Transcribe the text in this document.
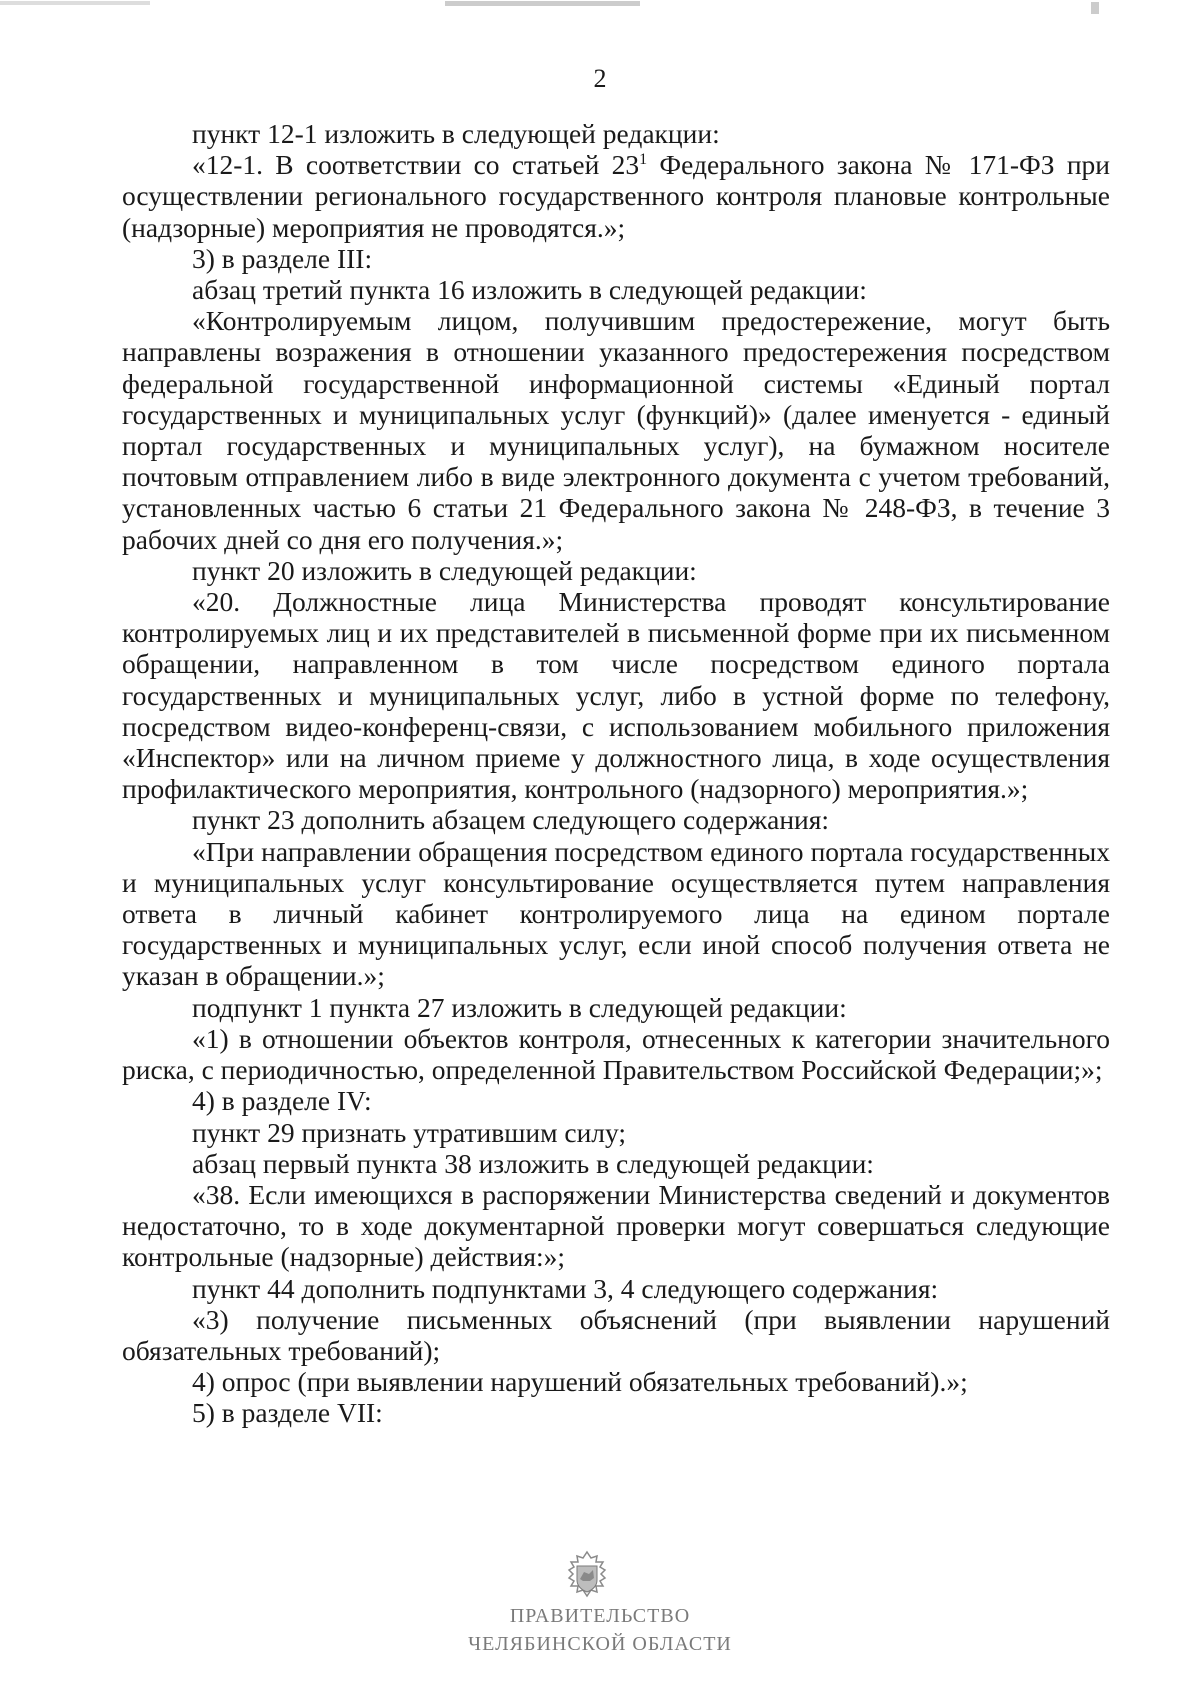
2

пункт 12-1 изложить в следующей редакции:

«12-1. В соответствии со статьей $23^1$ Федерального закона № 171-ФЗ при осуществлении регионального государственного контроля плановые контрольные (надзорные) мероприятия не проводятся.»;

3) в разделе III:

абзац третий пункта 16 изложить в следующей редакции:

«Контролируемым лицом, получившим предостережение, могут быть направлены возражения в отношении указанного предостережения посредством федеральной государственной информационной системы «Единый портал государственных и муниципальных услуг (функций)» (далее именуется - единый портал государственных и муниципальных услуг), на бумажном носителе почтовым отправлением либо в виде электронного документа с учетом требований, установленных частью 6 статьи 21 Федерального закона № 248-ФЗ, в течение 3 рабочих дней со дня его получения.»;

пункт 20 изложить в следующей редакции:

«20. Должностные лица Министерства проводят консультирование контролируемых лиц и их представителей в письменной форме при их письменном обращении, направленном в том числе посредством единого портала государственных и муниципальных услуг, либо в устной форме по телефону, посредством видео-конференц-связи, с использованием мобильного приложения «Инспектор» или на личном приеме у должностного лица, в ходе осуществления профилактического мероприятия, контрольного (надзорного) мероприятия.»;

пункт 23 дополнить абзацем следующего содержания:

«При направлении обращения посредством единого портала государственных и муниципальных услуг консультирование осуществляется путем направления ответа в личный кабинет контролируемого лица на едином портале государственных и муниципальных услуг, если иной способ получения ответа не указан в обращении.»;

подпункт 1 пункта 27 изложить в следующей редакции:

«1) в отношении объектов контроля, отнесенных к категории значительного риска, с периодичностью, определенной Правительством Российской Федерации;»;

4) в разделе IV:

пункт 29 признать утратившим силу;

абзац первый пункта 38 изложить в следующей редакции:

«38. Если имеющихся в распоряжении Министерства сведений и документов недостаточно, то в ходе документарной проверки могут совершаться следующие контрольные (надзорные) действия:»;

пункт 44 дополнить подпунктами 3, 4 следующего содержания:

«3) получение письменных объяснений (при выявлении нарушений обязательных требований);

4) опрос (при выявлении нарушений обязательных требований).»;

5) в разделе VII:

ПРАВИТЕЛЬСТВО
ЧЕЛЯБИНСКОЙ ОБЛАСТИ
